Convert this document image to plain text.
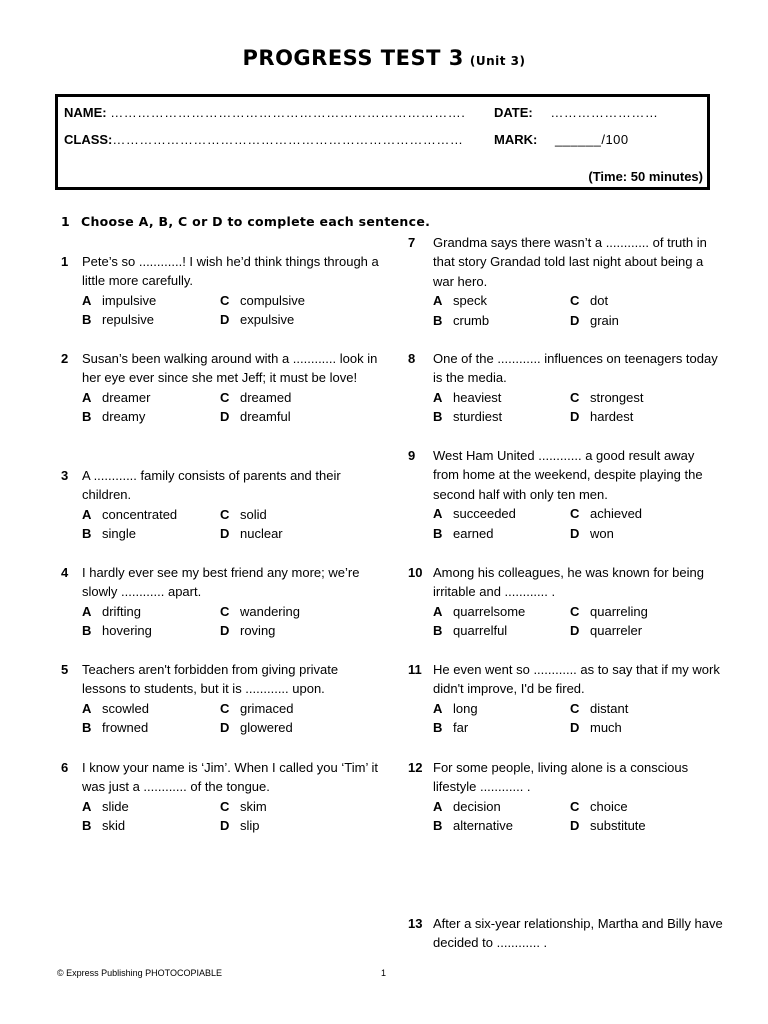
PROGRESS TEST 3 (Unit 3)
NAME: ……………………………………………………………………. DATE: ……………………
CLASS:…………………………………………………………………… MARK: ______/100
(Time: 50 minutes)
1 Choose A, B, C or D to complete each sentence.
1 Pete’s so ............! I wish he’d think things through a little more carefully.
A impulsive	C compulsive
B repulsive	D expulsive
2 Susan’s been walking around with a ............ look in her eye ever since she met Jeff; it must be love!
A dreamer	C dreamed
B dreamy	D dreamful
3 A ............ family consists of parents and their children.
A concentrated	C solid
B single	D nuclear
4 I hardly ever see my best friend any more; we’re slowly ............ apart.
A drifting	C wandering
B hovering	D roving
5 Teachers aren't forbidden from giving private lessons to students, but it is ............ upon.
A scowled	C grimaced
B frowned	D glowered
6 I know your name is ‘Jim’. When I called you ‘Tim’ it was just a ............ of the tongue.
A slide	C skim
B skid	D slip
7 Grandma says there wasn’t a ............ of truth in that story Grandad told last night about being a war hero.
A speck	C dot
B crumb	D grain
8 One of the ............ influences on teenagers today is the media.
A heaviest	C strongest
B sturdiest	D hardest
9 West Ham United ............ a good result away from home at the weekend, despite playing the second half with only ten men.
A succeeded	C achieved
B earned	D won
10 Among his colleagues, he was known for being irritable and ............ .
A quarrelsome	C quarreling
B quarrelful	D quarreler
11 He even went so ............ as to say that if my work didn't improve, I'd be fired.
A long	C distant
B far	D much
12 For some people, living alone is a conscious lifestyle ............ .
A decision	C choice
B alternative	D substitute
13 After a six-year relationship, Martha and Billy have decided to ............ .
© Express Publishing PHOTOCOPIABLE	1
